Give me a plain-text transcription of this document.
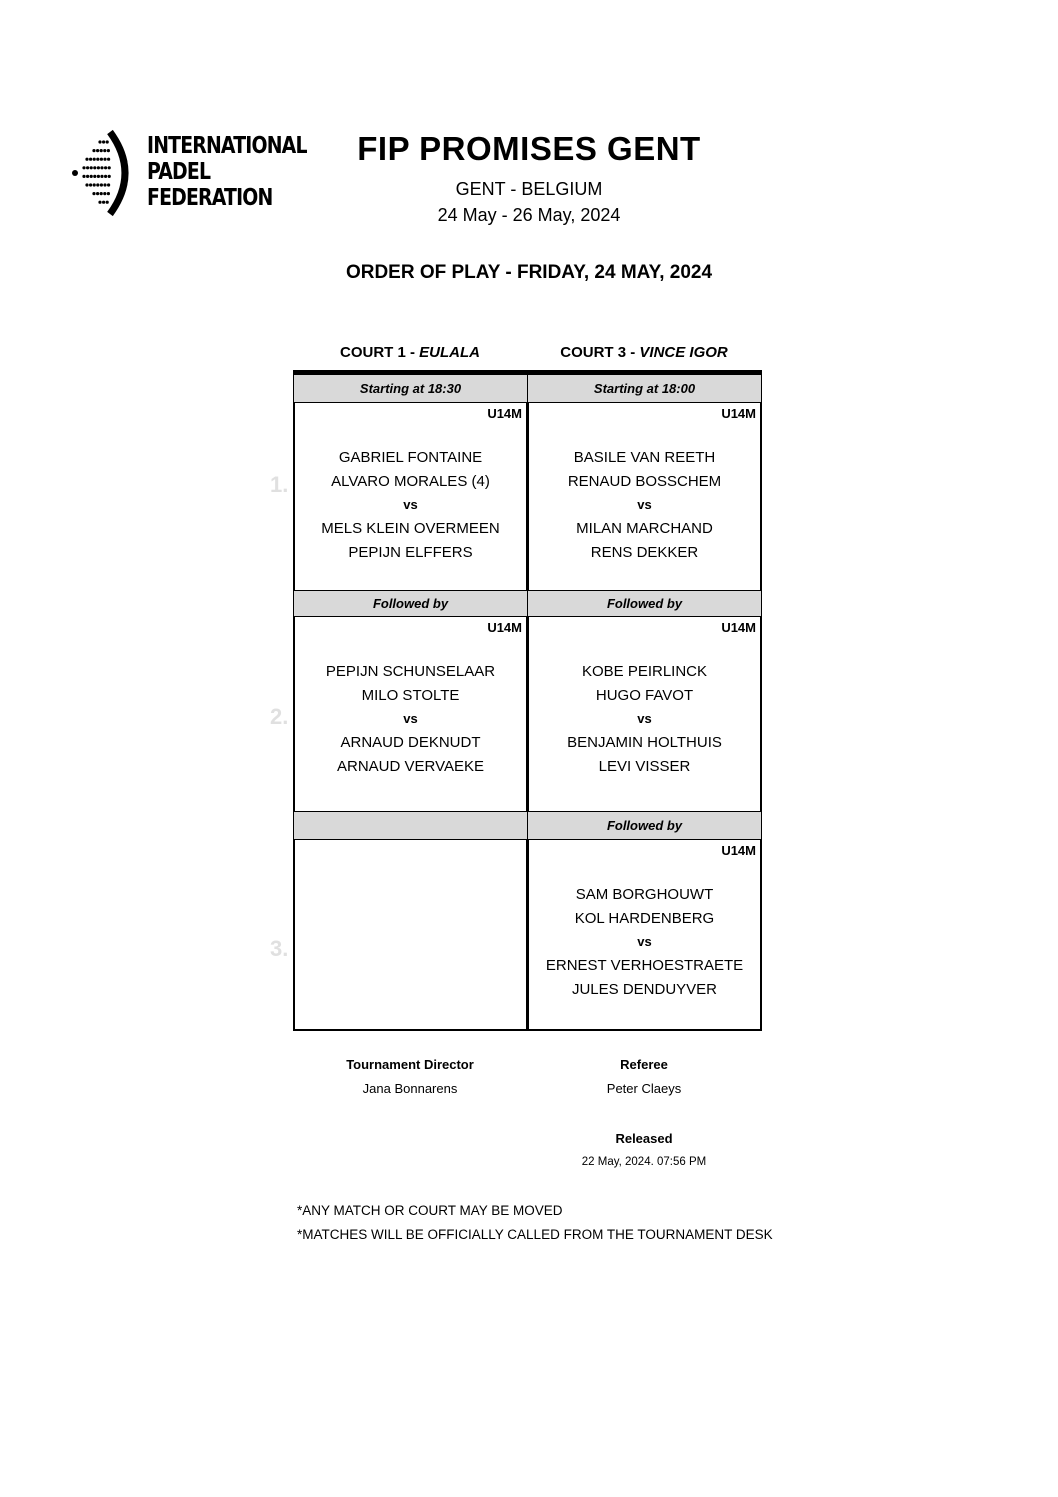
INTERNATIONAL
PADEL
FEDERATION
FIP PROMISES GENT
GENT - BELGIUM
24 May - 26 May, 2024
ORDER OF PLAY - FRIDAY, 24 MAY, 2024
COURT 1 - EULALA	COURT 3 - VINCE IGOR
Starting at 18:30
Followed by
U14M
GABRIEL FONTAINE
ALVARO MORALES (4)
vs
MELS KLEIN OVERMEEN
PEPIJN ELFFERS
U14M
PEPIJN SCHUNSELAAR
MILO STOLTE
vs
ARNAUD DEKNUDT
ARNAUD VERVAEKE
Starting at 18:00
Followed by
Followed by
U14M
BASILE VAN REETH
RENAUD BOSSCHEM
vs
MILAN MARCHAND
RENS DEKKER
U14M
KOBE PEIRLINCK
HUGO FAVOT
vs
BENJAMIN HOLTHUIS
LEVI VISSER
U14M
SAM BORGHOUWT
KOL HARDENBERG
vs
ERNEST VERHOESTRAETE
JULES DENDUYVER
1.
2.
3.
Tournament Director
Jana Bonnarens
Referee
Peter Claeys
Released
22 May, 2024. 07:56 PM
*ANY MATCH OR COURT MAY BE MOVED
*MATCHES WILL BE OFFICIALLY CALLED FROM THE TOURNAMENT DESK
